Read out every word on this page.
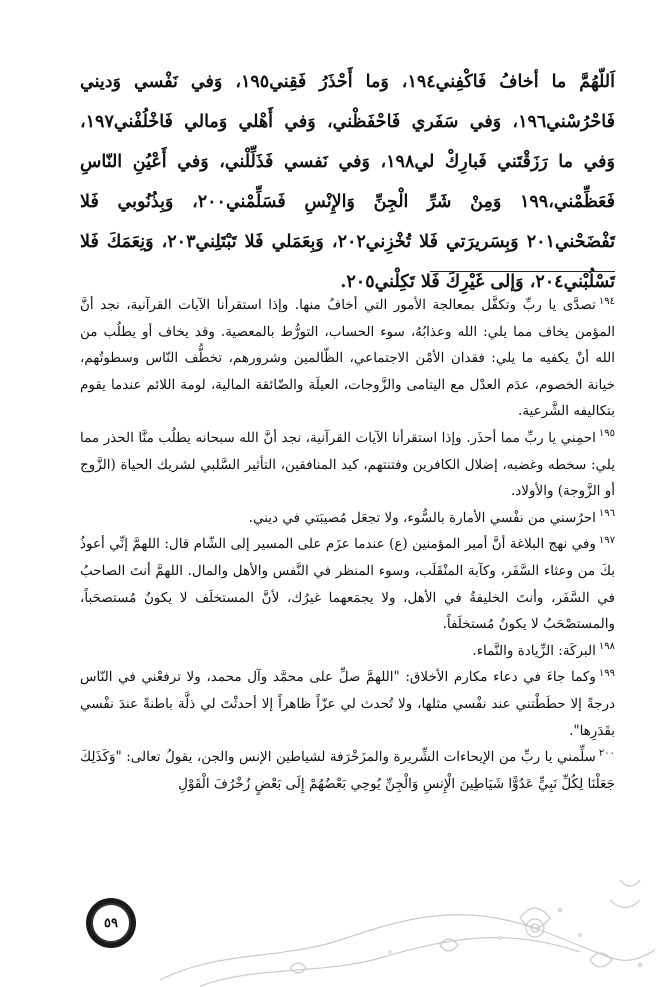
اَللّهُمَّ ما أخافُ فَاكْفِني١٩٤، وَما أَحْذَرُ فَقِني١٩٥، وَفي نَفْسي وَديني فَاحْرُسْني١٩٦، وَفي سَفَري فَاحْفَظْني، وَفي أَهْلي وَمالي فَاخْلُفْني١٩٧، وَفي ما رَزَقْتَني فَبارِكْ لي١٩٨، وَفي نَفسي فَذَلِّلْني، وَفي أَعْيُنِ النّاسِ فَعَظِّمْني،١٩٩ وَمِنْ شَرِّ الْجِنِّ وَالإِنْسِ فَسَلِّمْني٢٠٠، وَبِذُنُوبي فَلا تَفْضَحْني٢٠١ وَبِسَريرَتي فَلا تُخْزِني٢٠٢، وَبِعَمَلي فَلا تَبْتَلِني٢٠٣، وَنِعَمَكَ فَلا تَسْلُبْني٢٠٤، وَإلى غَيْرِكَ فَلا تَكِلْني٢٠٥.

$^{١٩٤}$تصدَّى يا ربِّ وتكفَّل بمعالجة الأمور التي أخافُ منها. وإذا استقرأنا الآيات القرآنية، نجد أنَّ المؤمن يخاف مما يلي: الله وعذابُهُ، سوء الحساب، التورُّط بالمعصية. وقد يخاف أو يطلُب من الله أنْ يكفيه ما يلي: فقدان الأمْن الاجتماعي، الظّالمين وشرورهم، تخطُّف النّاس وسطوتُهم، خيانة الخصوم، عدَم العدْل مع اليتامى والزَّوجات، العيلَة والضّائقة المالية، لومة اللائم عندما يقوم بتكاليفه الشَّرعية.

$^{١٩٥}$احمِني يا ربِّ مما أحذَر. وإذا استقرأنا الآيات القرآنية، نجد أنَّ الله سبحانه يطلُب منَّا الحذر مما يلي: سخطه وغضبه، إضلال الكافرين وفتنتهم، كيد المنافقين، التأثير السَّلبي لشريك الحياة (الزَّوج أو الزَّوجة) والأولاد.

$^{١٩٦}$احرُسني من نفْسي الأمارة بالسُّوء، ولا تجعَل مُصيبَتي في ديني.

$^{١٩٧}$وفي نهج البلاغة أنَّ أمير المؤمنين (ع) عندما عزَم على المسير إلى الشّام قال: اللهمَّ إنِّي أعوذُ بكَ من وعثاء السَّفَر، وكآبة المنْقَلَب، وسوء المنظر في النَّفس والأهل والمال. اللهمَّ أنتَ الصاحبُ في السَّفَر، وأنتَ الخليفةُ في الأهل، ولا يجمَعهما غيرُك، لأنَّ المستخلَف لا يكونُ مُستصحَباً، والمستصْحَبُ لا يكونُ مُستخلَفاً.

$^{١٩٨}$البركَة: الزِّيادة والنَّماء.

$^{١٩٩}$وكما جاءَ في دعاء مكارم الأخلاق: "اللهمَّ صلِّ على محمَّد وآل محمد، ولا ترفعْني في النّاس درجةً إلا حطَطْتني عند نفْسي مثلها، ولا تُحدث لي عزّاً ظاهراً إلا أحدثْتَ لي ذلَّة باطنةً عندَ نفْسي بقَدَرِها".

$^{٢٠٠}$سلِّمني يا ربِّ من الإيحاءات الشِّريرة والمزَخْرَفة لشياطين الإنس والجن، يقولُ تعالى: "وَكَذَلِكَ جَعَلْنَا لِكُلِّ نَبِيٍّ عَدُوًّا شَيَاطِينَ الْإِنسِ وَالْجِنِّ يُوحِي بَعْضُهُمْ إِلَى بَعْضٍ زُخْرُفَ الْقَوْلِ

٥٩
